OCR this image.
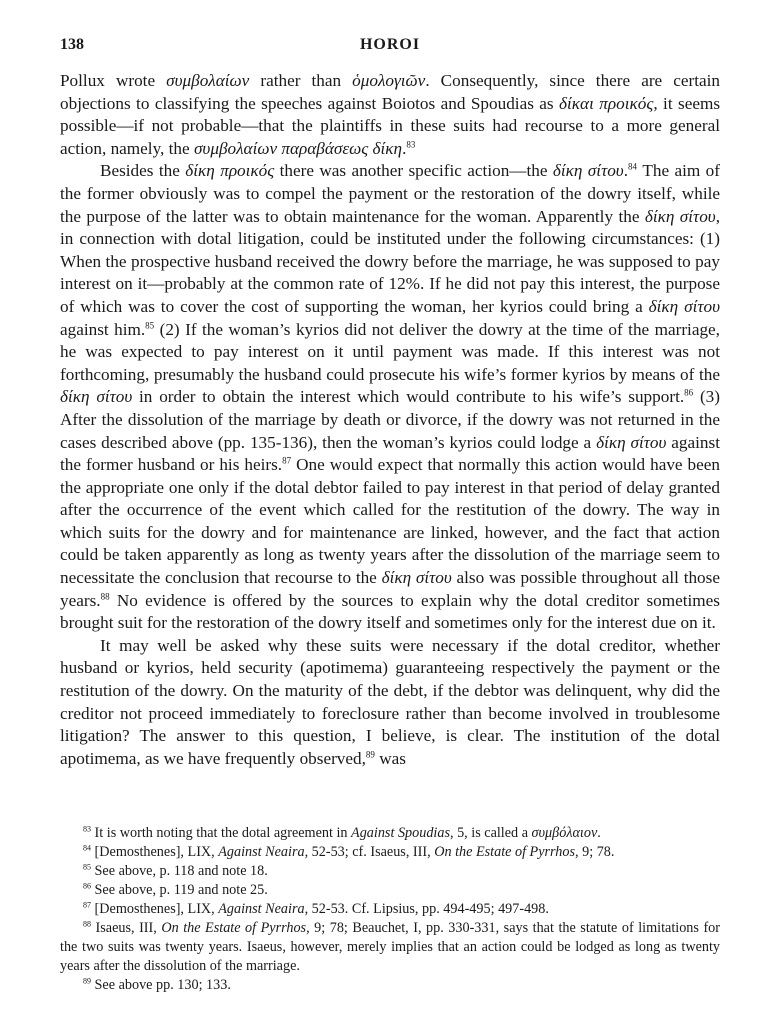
138	HOROI

Pollux wrote συμβολαίων rather than ὁμολογιῶν. Consequently, since there are certain objections to classifying the speeches against Boiotos and Spoudias as δίκαι προικός, it seems possible—if not probable—that the plaintiffs in these suits had recourse to a more general action, namely, the συμβολαίων παραβάσεως δίκη.$^{83}$

Besides the δίκη προικός there was another specific action—the δίκη σίτου.$^{84}$ The aim of the former obviously was to compel the payment or the restoration of the dowry itself, while the purpose of the latter was to obtain maintenance for the woman. Apparently the δίκη σίτου, in connection with dotal litigation, could be instituted under the following circumstances: (1) When the prospective husband received the dowry before the marriage, he was supposed to pay interest on it—probably at the common rate of 12%. If he did not pay this interest, the purpose of which was to cover the cost of supporting the woman, her kyrios could bring a δίκη σίτου against him.$^{85}$ (2) If the woman’s kyrios did not deliver the dowry at the time of the marriage, he was expected to pay interest on it until payment was made. If this interest was not forthcoming, presumably the husband could prosecute his wife’s former kyrios by means of the δίκη σίτου in order to obtain the interest which would contribute to his wife’s support.$^{86}$ (3) After the dissolution of the marriage by death or divorce, if the dowry was not returned in the cases described above (pp. 135-136), then the woman’s kyrios could lodge a δίκη σίτου against the former husband or his heirs.$^{87}$ One would expect that normally this action would have been the appropriate one only if the dotal debtor failed to pay interest in that period of delay granted after the occurrence of the event which called for the restitution of the dowry. The way in which suits for the dowry and for maintenance are linked, however, and the fact that action could be taken apparently as long as twenty years after the dissolution of the marriage seem to necessitate the conclusion that recourse to the δίκη σίτου also was possible throughout all those years.$^{88}$ No evidence is offered by the sources to explain why the dotal creditor sometimes brought suit for the restoration of the dowry itself and sometimes only for the interest due on it.

It may well be asked why these suits were necessary if the dotal creditor, whether husband or kyrios, held security (apotimema) guaranteeing respectively the payment or the restitution of the dowry. On the maturity of the debt, if the debtor was delinquent, why did the creditor not proceed immediately to foreclosure rather than become involved in troublesome litigation? The answer to this question, I believe, is clear. The institution of the dotal apotimema, as we have frequently observed,$^{89}$ was

$^{83}$ It is worth noting that the dotal agreement in Against Spoudias, 5, is called a συμβόλαιον.

$^{84}$ [Demosthenes], LIX, Against Neaira, 52-53; cf. Isaeus, III, On the Estate of Pyrrhos, 9; 78.

$^{85}$ See above, p. 118 and note 18.

$^{86}$ See above, p. 119 and note 25.

$^{87}$ [Demosthenes], LIX, Against Neaira, 52-53. Cf. Lipsius, pp. 494-495; 497-498.

$^{88}$ Isaeus, III, On the Estate of Pyrrhos, 9; 78; Beauchet, I, pp. 330-331, says that the statute of limitations for the two suits was twenty years. Isaeus, however, merely implies that an action could be lodged as long as twenty years after the dissolution of the marriage.

$^{89}$ See above pp. 130; 133.
